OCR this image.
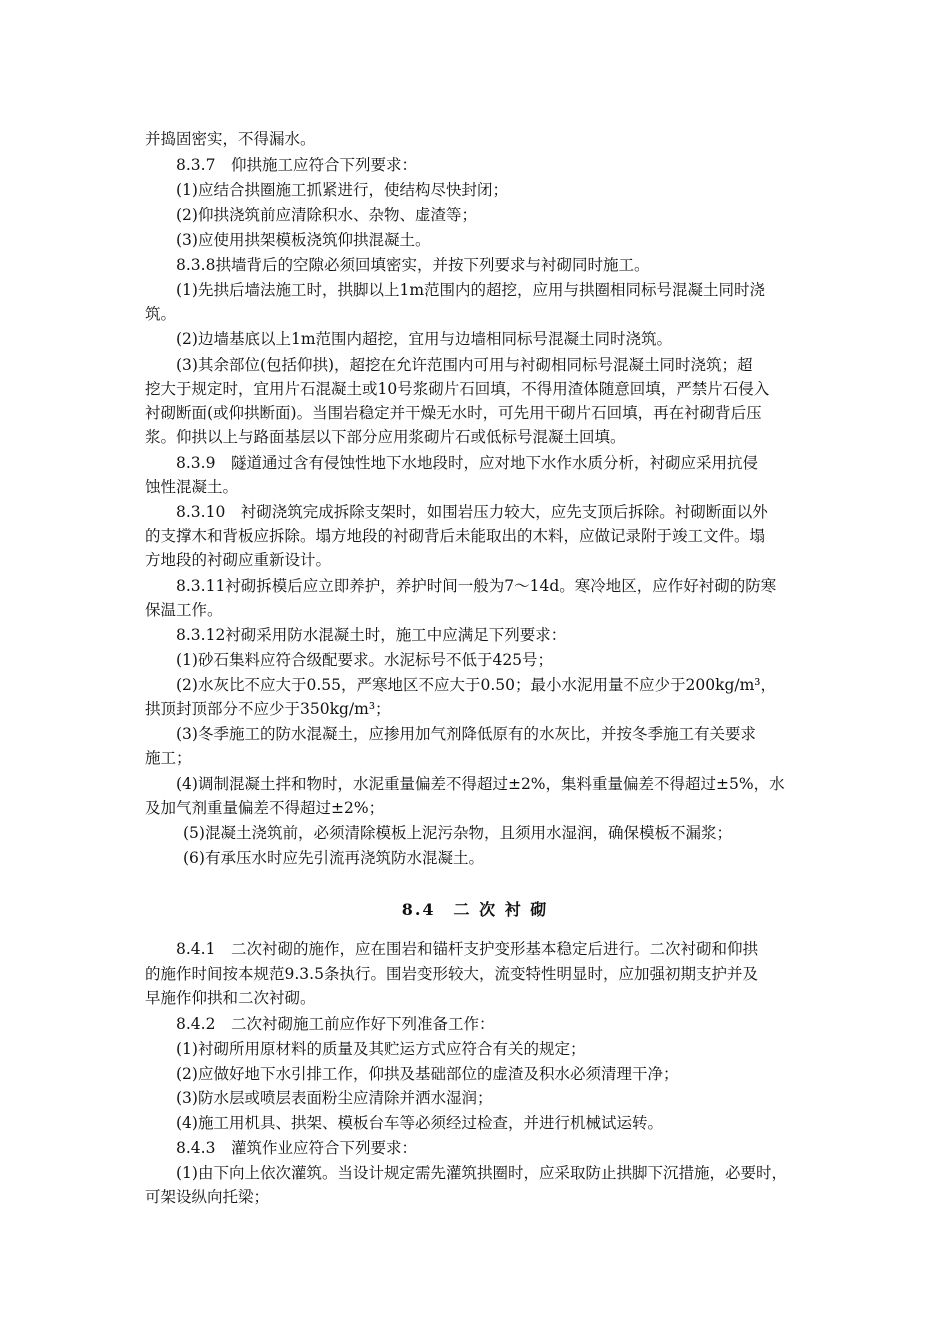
并捣固密实，不得漏水。
8.3.7　仰拱施工应符合下列要求：
(1)应结合拱圈施工抓紧进行，使结构尽快封闭；
(2)仰拱浇筑前应清除积水、杂物、虚渣等；
(3)应使用拱架模板浇筑仰拱混凝土。
8.3.8拱墙背后的空隙必须回填密实，并按下列要求与衬砌同时施工。
(1)先拱后墙法施工时，拱脚以上1m范围内的超挖，应用与拱圈相同标号混凝土同时浇
筑。
(2)边墙基底以上1m范围内超挖，宜用与边墙相同标号混凝土同时浇筑。
(3)其余部位(包括仰拱)，超挖在允许范围内可用与衬砌相同标号混凝土同时浇筑；超
挖大于规定时，宜用片石混凝土或10号浆砌片石回填，不得用渣体随意回填，严禁片石侵入
衬砌断面(或仰拱断面)。当围岩稳定并干燥无水时，可先用干砌片石回填，再在衬砌背后压
浆。仰拱以上与路面基层以下部分应用浆砌片石或低标号混凝土回填。
8.3.9　隧道通过含有侵蚀性地下水地段时，应对地下水作水质分析，衬砌应采用抗侵
蚀性混凝土。
8.3.10　衬砌浇筑完成拆除支架时，如围岩压力较大，应先支顶后拆除。衬砌断面以外
的支撑木和背板应拆除。塌方地段的衬砌背后未能取出的木料，应做记录附于竣工文件。塌
方地段的衬砌应重新设计。
8.3.11衬砌拆模后应立即养护，养护时间一般为7～14d。寒冷地区，应作好衬砌的防寒
保温工作。
8.3.12衬砌采用防水混凝土时，施工中应满足下列要求：
(1)砂石集料应符合级配要求。水泥标号不低于425号；
(2)水灰比不应大于0.55，严寒地区不应大于0.50；最小水泥用量不应少于200kg/m³，
拱顶封顶部分不应少于350kg/m³；
(3)冬季施工的防水混凝土，应掺用加气剂降低原有的水灰比，并按冬季施工有关要求
施工；
(4)调制混凝土拌和物时，水泥重量偏差不得超过±2%，集料重量偏差不得超过±5%，水
及加气剂重量偏差不得超过±2%；
(5)混凝土浇筑前，必须清除模板上泥污杂物，且须用水湿润，确保模板不漏浆；
(6)有承压水时应先引流再浇筑防水混凝土。
8.4　二 次 衬 砌
8.4.1　二次衬砌的施作，应在围岩和锚杆支护变形基本稳定后进行。二次衬砌和仰拱
的施作时间按本规范9.3.5条执行。围岩变形较大，流变特性明显时，应加强初期支护并及
早施作仰拱和二次衬砌。
8.4.2　二次衬砌施工前应作好下列准备工作：
(1)衬砌所用原材料的质量及其贮运方式应符合有关的规定；
(2)应做好地下水引排工作，仰拱及基础部位的虚渣及积水必须清理干净；
(3)防水层或喷层表面粉尘应清除并洒水湿润；
(4)施工用机具、拱架、模板台车等必须经过检查，并进行机械试运转。
8.4.3　灌筑作业应符合下列要求：
(1)由下向上依次灌筑。当设计规定需先灌筑拱圈时，应采取防止拱脚下沉措施，必要时，
可架设纵向托梁；
